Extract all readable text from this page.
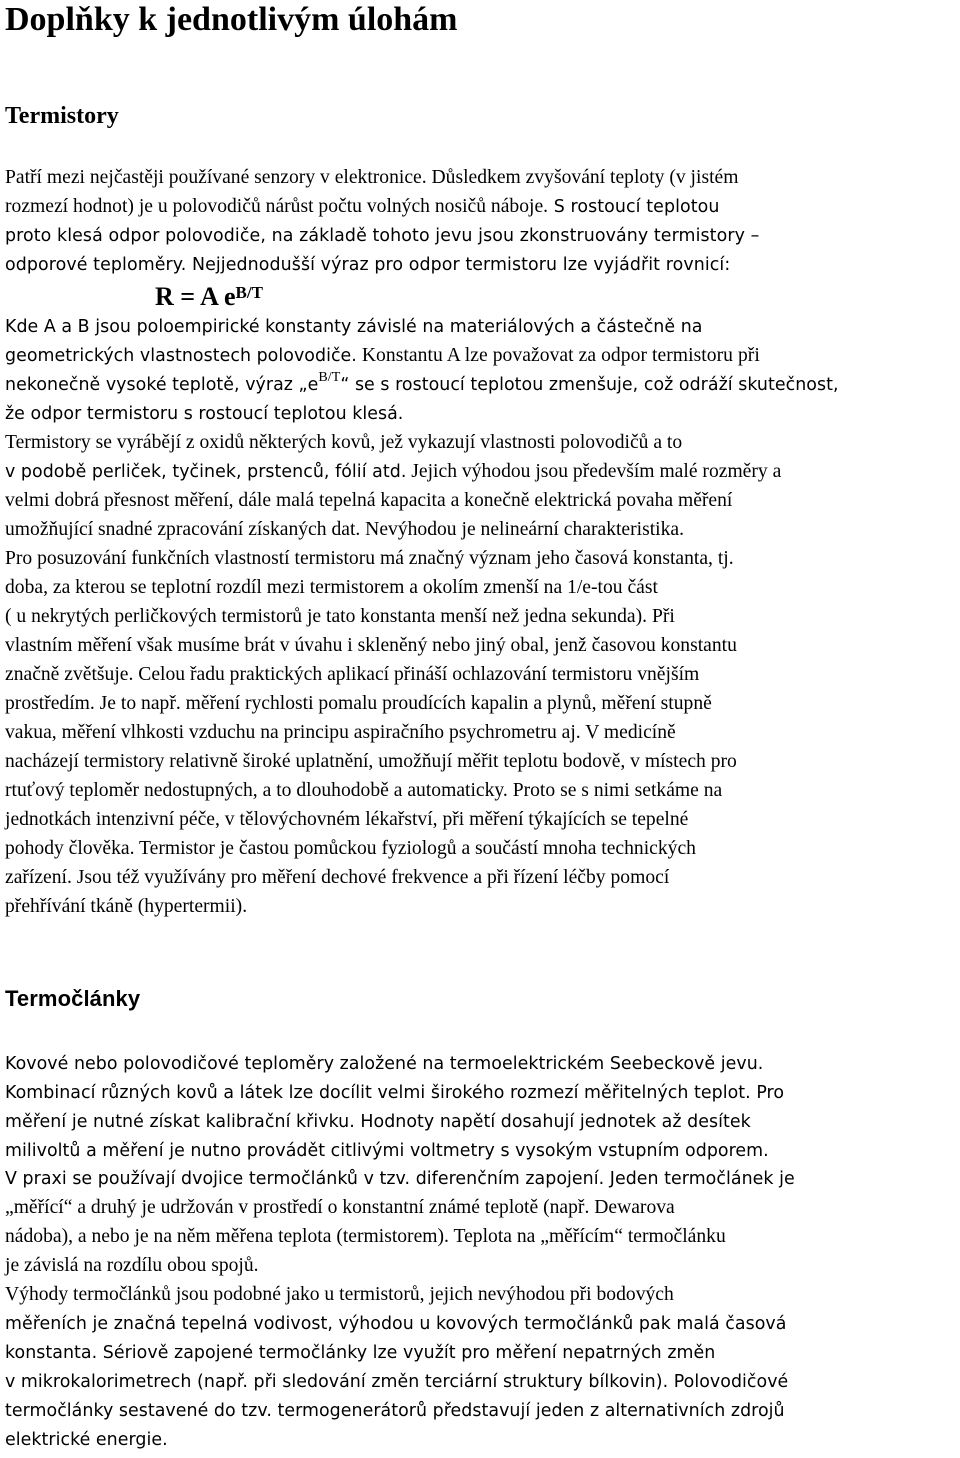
Doplňky k jednotlivým úlohám
Termistory
Patří mezi nejčastěji používané senzory v elektronice. Důsledkem zvyšování teploty (v jistém
rozmezí hodnot) je u polovodičů nárůst počtu volných nosičů náboje. S rostoucí teplotou
proto klesá odpor polovodiče, na základě tohoto jevu jsou zkonstruovány termistory –
odporové teploměry. Nejjednodušší výraz pro odpor termistoru lze vyjádřit rovnicí:
R = A $e^{B/T}$
Kde A a B jsou poloempirické konstanty závislé na materiálových a částečně na
geometrických vlastnostech polovodiče. Konstantu A lze považovat za odpor termistoru při
nekonečně vysoké teplotě, výraz $„e^{B/T}“$ se s rostoucí teplotou zmenšuje, což odráží skutečnost,
že odpor termistoru s rostoucí teplotou klesá.
Termistory se vyrábějí z oxidů některých kovů, jež vykazují vlastnosti polovodičů a to
v podobě perliček, tyčinek, prstenců, fólií atd. Jejich výhodou jsou především malé rozměry a
velmi dobrá přesnost měření, dále malá tepelná kapacita a konečně elektrická povaha měření
umožňující snadné zpracování získaných dat. Nevýhodou je nelineární charakteristika.
Pro posuzování funkčních vlastností termistoru má značný význam jeho časová konstanta, tj.
doba, za kterou se teplotní rozdíl mezi termistorem a okolím zmenší na 1/e-tou část
( u nekrytých perličkových termistorů je tato konstanta menší než jedna sekunda). Při
vlastním měření však musíme brát v úvahu i skleněný nebo jiný obal, jenž časovou konstantu
značně zvětšuje. Celou řadu praktických aplikací přináší ochlazování termistoru vnějším
prostředím. Je to např. měření rychlosti pomalu proudících kapalin a plynů, měření stupně
vakua, měření vlhkosti vzduchu na principu aspiračního psychrometru aj. V medicíně
nacházejí termistory relativně široké uplatnění, umožňují měřit teplotu bodově, v místech pro
rtuťový teploměr nedostupných, a to dlouhodobě a automaticky. Proto se s nimi setkáme na
jednotkách intenzivní péče, v tělovýchovném lékařství, při měření týkajících se tepelné
pohody člověka. Termistor je častou pomůckou fyziologů a součástí mnoha technických
zařízení. Jsou též využívány pro měření dechové frekvence a při řízení léčby pomocí
přehřívání tkáně (hypertermii).
Termočlánky
Kovové nebo polovodičové teploměry založené na termoelektrickém Seebeckově jevu.
Kombinací různých kovů a látek lze docílit velmi širokého rozmezí měřitelných teplot. Pro
měření je nutné získat kalibrační křivku. Hodnoty napětí dosahují jednotek až desítek
milivoltů a měření je nutno provádět citlivými voltmetry s vysokým vstupním odporem.
V praxi se používají dvojice termočlánků v tzv. diferenčním zapojení. Jeden termočlánek je
„měřící“ a druhý je udržován v prostředí o konstantní známé teplotě (např. Dewarova
nádoba), a nebo je na něm měřena teplota (termistorem). Teplota na „měřícím“ termočlánku
je závislá na rozdílu obou spojů.
Výhody termočlánků jsou podobné jako u termistorů, jejich nevýhodou při bodových
měřeních je značná tepelná vodivost, výhodou u kovových termočlánků pak malá časová
konstanta. Sériově zapojené termočlánky lze využít pro měření nepatrných změn
v mikrokalorimetrech (např. při sledování změn terciární struktury bílkovin). Polovodičové
termočlánky sestavené do tzv. termogenerátorů představují jeden z alternativních zdrojů
elektrické energie.
